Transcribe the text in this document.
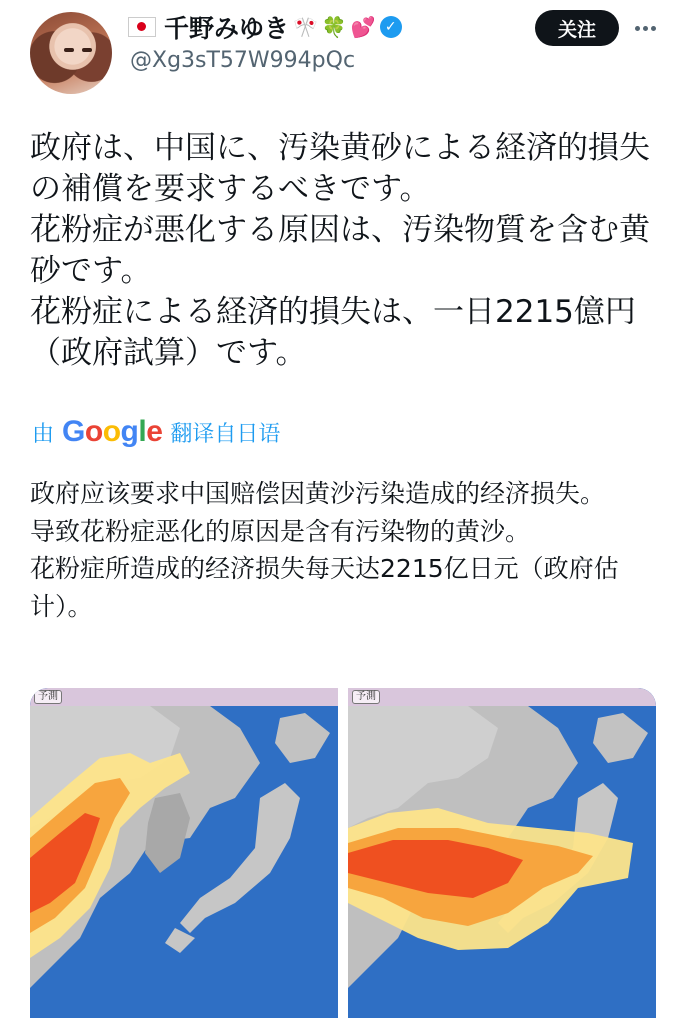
千野みゆき 🎌 🍀 💕 ✓
@Xg3sT57W994pQc
关注

政府は、中国に、汚染黄砂による経済的損失の補償を要求するべきです。

花粉症が悪化する原因は、汚染物質を含む黄砂です。

花粉症による経済的損失は、一日2215億円（政府試算）です。

由 Google 翻译自日语

政府应该要求中国赔偿因黄沙污染造成的经济损失。

导致花粉症恶化的原因是含有污染物的黄沙。

花粉症所造成的经济损失每天达2215亿日元（政府估计）。

予測	予測
